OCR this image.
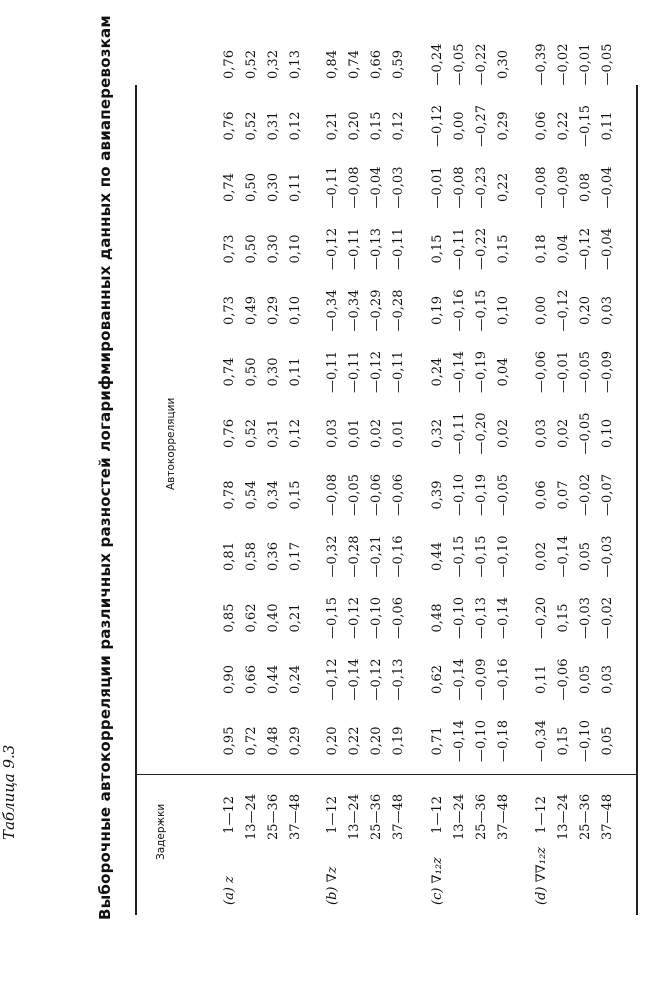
Таблица 9.3	Выборочные автокорреляции различных разностей логарифмированных данных по авиаперевозкам	Задержки
Автокорреляции
(a) z
1—12
0,95
0,90
0,85
0,81
0,78
0,76
0,74
0,73
0,73
0,74
0,76
0,76
13—24
0,72
0,66
0,62
0,58
0,54
0,52
0,50
0,49
0,50
0,50
0,52
0,52
25—36
0,48
0,44
0,40
0,36
0,34
0,31
0,30
0,29
0,30
0,30
0,31
0,32
37—48
0,29
0,24
0,21
0,17
0,15
0,12
0,11
0,10
0,10
0,11
0,12
0,13
(b) ∇z
1—12
0,20
—0,12
—0,15
—0,32
—0,08
0,03
—0,11
—0,34
—0,12
—0,11
0,21
0,84
13—24
0,22
—0,14
—0,12
—0,28
—0,05
0,01
—0,11
—0,34
—0,11
—0,08
0,20
0,74
25—36
0,20
—0,12
—0,10
—0,21
—0,06
0,02
—0,12
—0,29
—0,13
—0,04
0,15
0,66
37—48
0,19
—0,13
—0,06
—0,16
—0,06
0,01
—0,11
—0,28
—0,11
—0,03
0,12
0,59
(c) ∇₁₂z
1—12
0,71
0,62
0,48
0,44
0,39
0,32
0,24
0,19
0,15
—0,01
—0,12
—0,24
13—24
—0,14
—0,14
—0,10
—0,15
—0,10
—0,11
—0,14
—0,16
—0,11
—0,08
0,00
—0,05
25—36
—0,10
—0,09
—0,13
—0,15
—0,19
—0,20
—0,19
—0,15
—0,22
—0,23
—0,27
—0,22
37—48
—0,18
—0,16
—0,14
—0,10
—0,05
0,02
0,04
0,10
0,15
0,22
0,29
0,30
(d) ∇∇₁₂z
1—12
—0,34
0,11
—0,20
0,02
0,06
0,03
—0,06
0,00
0,18
—0,08
0,06
—0,39
13—24
0,15
—0,06
0,15
—0,14
0,07
0,02
—0,01
—0,12
0,04
—0,09
0,22
—0,02
25—36
—0,10
0,05
—0,03
0,05
—0,02
—0,05
—0,05
0,20
—0,12
0,08
—0,15
—0,01
37—48
0,05
0,03
—0,02
—0,03
—0,07
0,10
—0,09
0,03
—0,04
—0,04
0,11
—0,05
